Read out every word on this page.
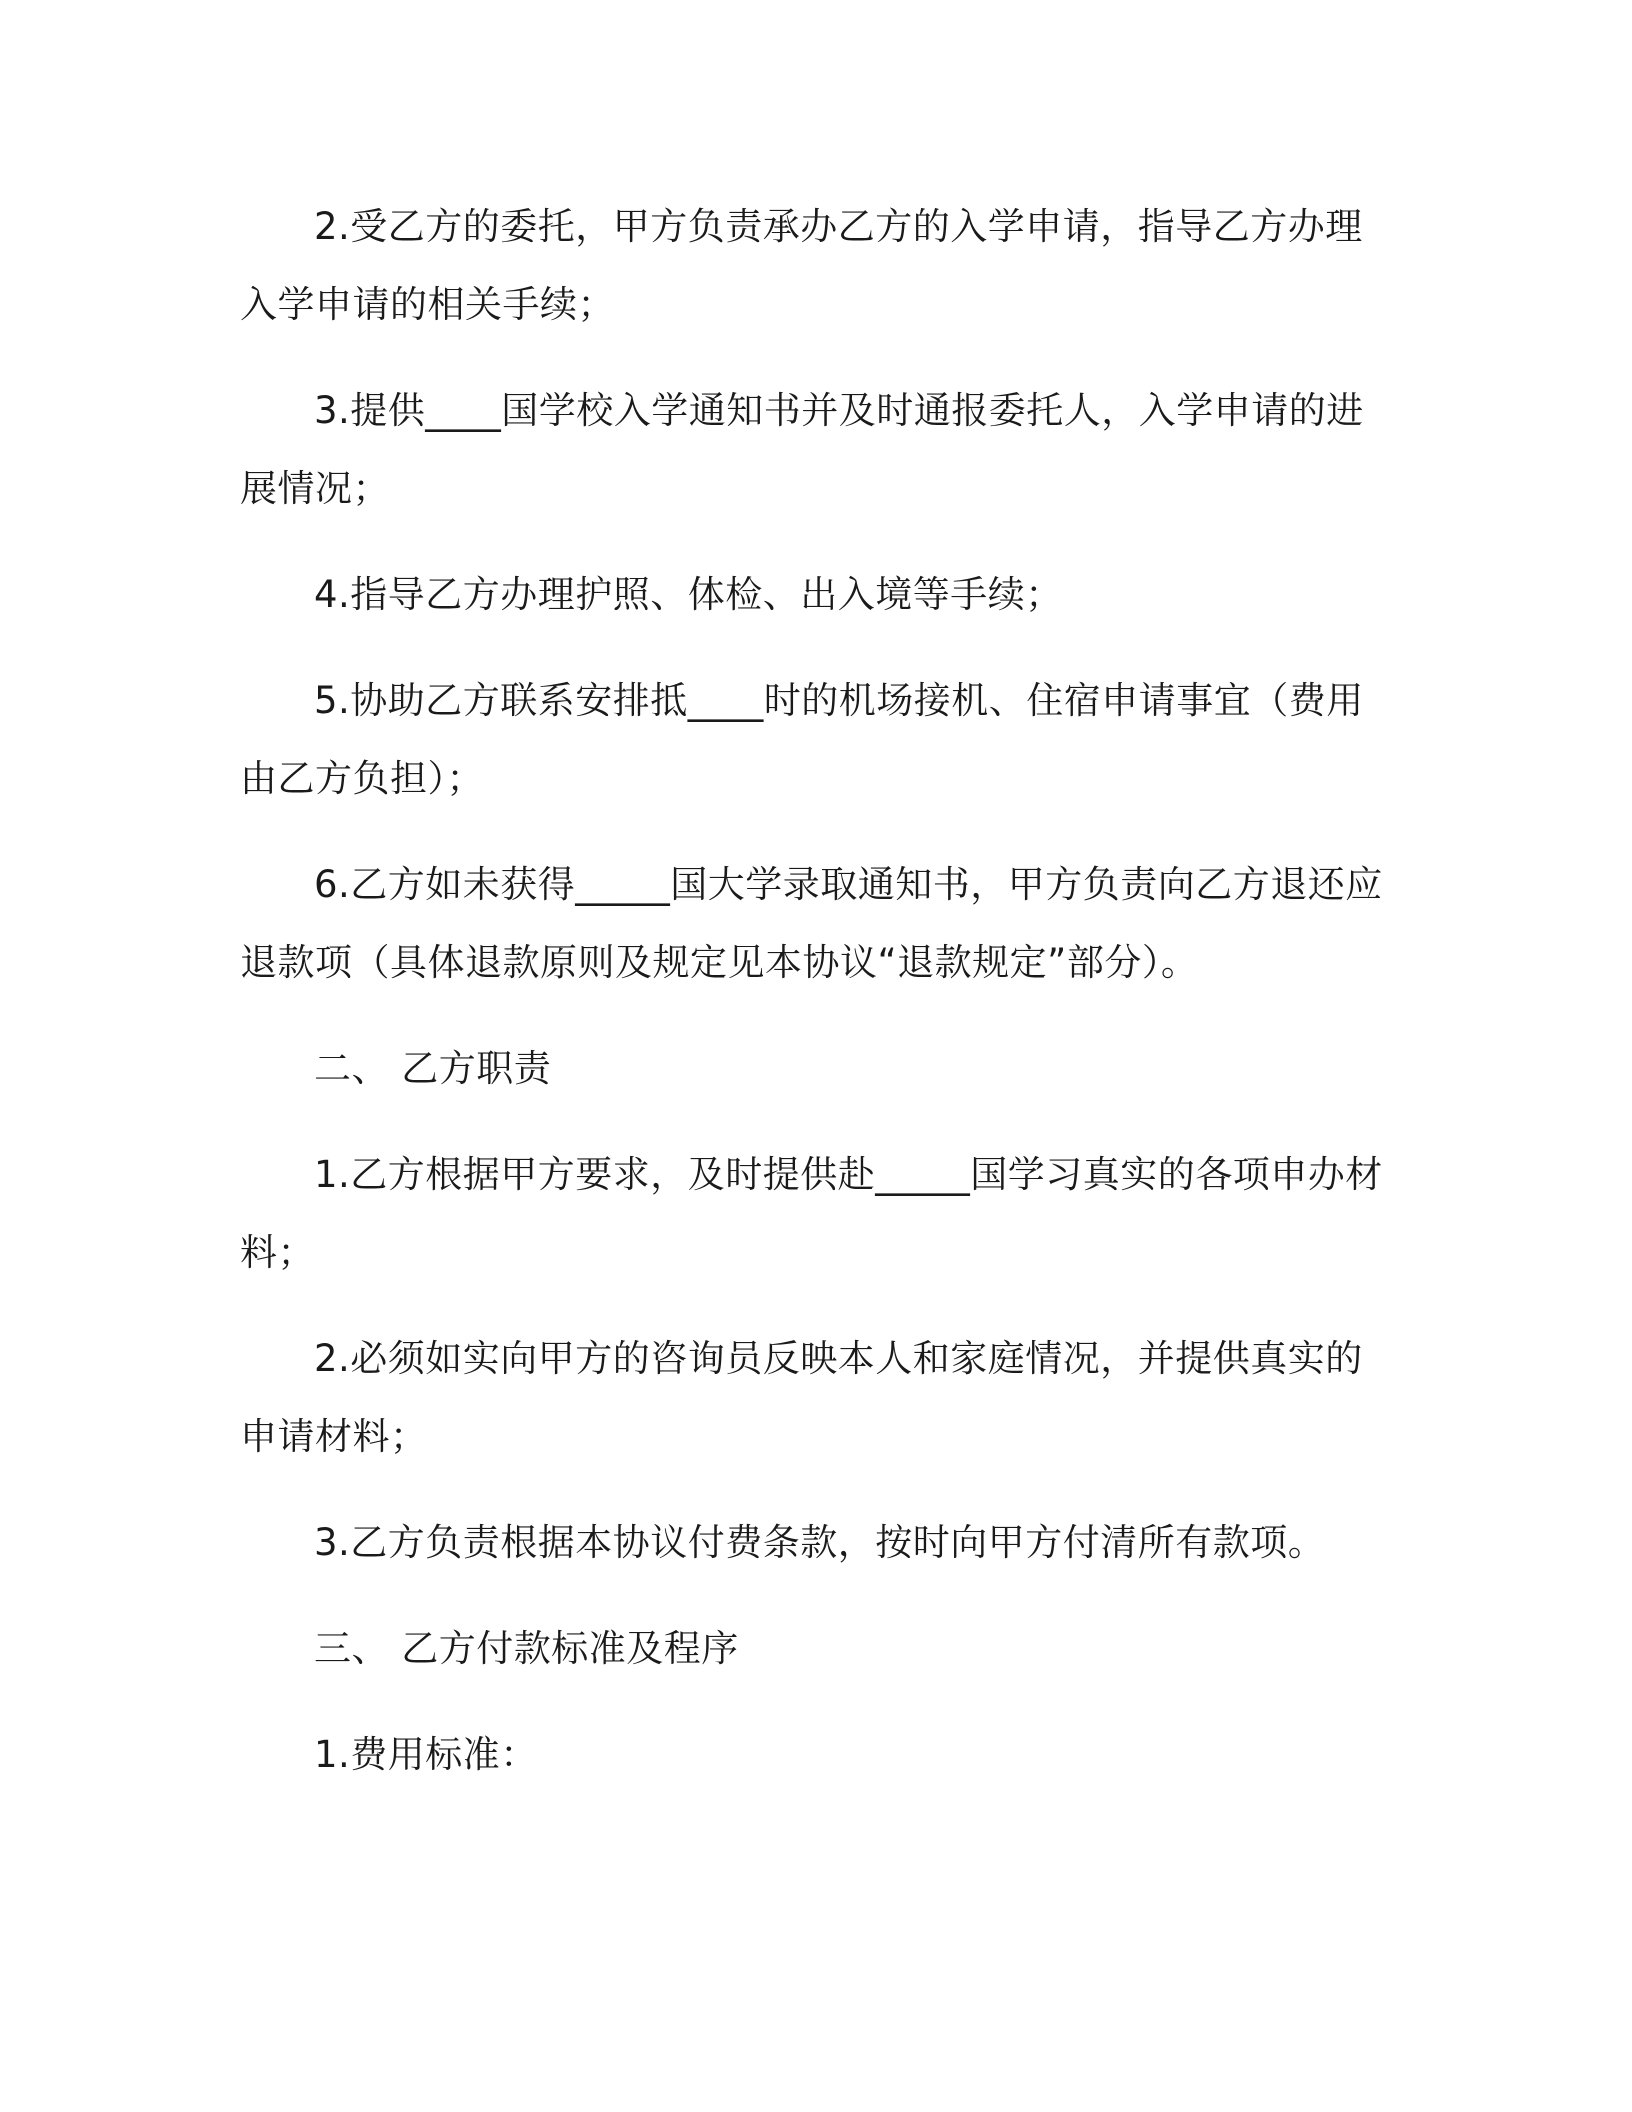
2.受乙方的委托，甲方负责承办乙方的入学申请，指导乙方办理入学申请的相关手续；

3.提供____国学校入学通知书并及时通报委托人，入学申请的进展情况；

4.指导乙方办理护照、体检、出入境等手续；

5.协助乙方联系安排抵____时的机场接机、住宿申请事宜（费用由乙方负担）；

6.乙方如未获得_____国大学录取通知书，甲方负责向乙方退还应退款项（具体退款原则及规定见本协议“退款规定”部分）。

二、 乙方职责

1.乙方根据甲方要求，及时提供赴_____国学习真实的各项申办材料；

2.必须如实向甲方的咨询员反映本人和家庭情况，并提供真实的申请材料；

3.乙方负责根据本协议付费条款，按时向甲方付清所有款项。

三、 乙方付款标准及程序

1.费用标准：
